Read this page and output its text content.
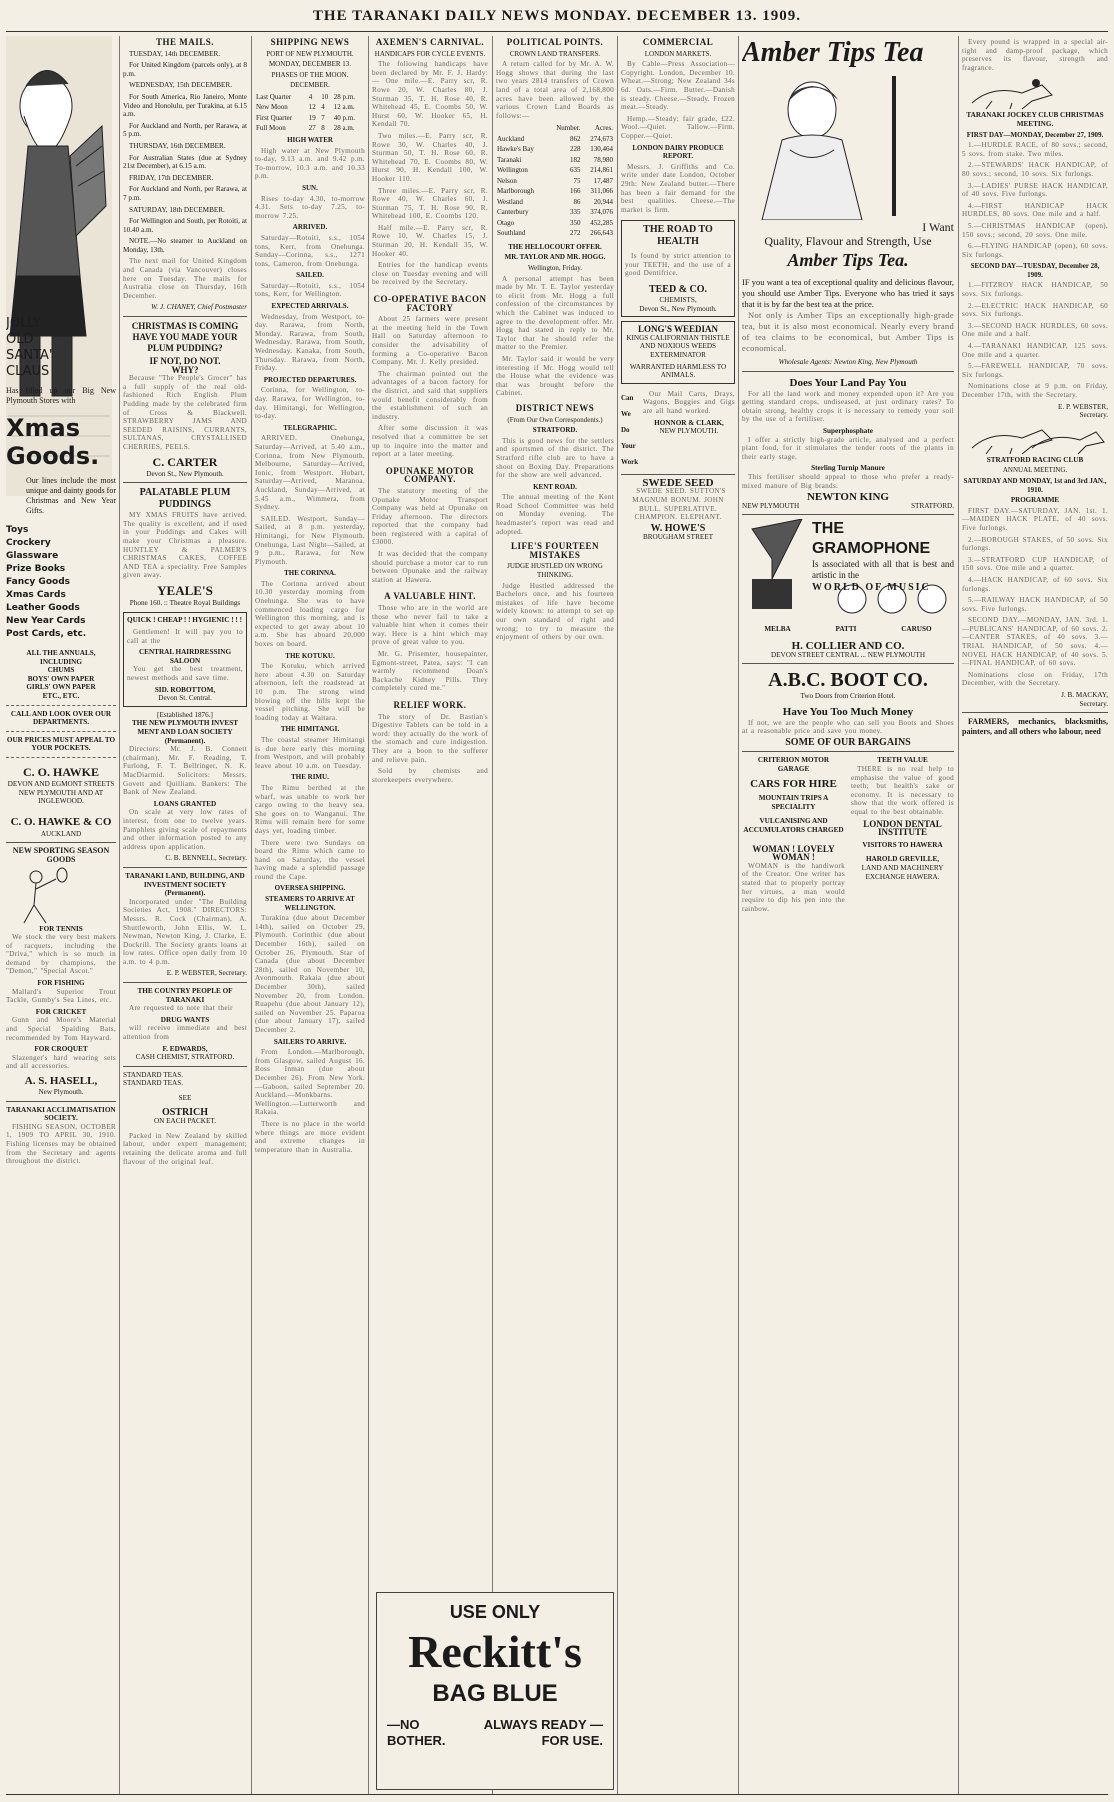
THE TARANAKI DAILY NEWS MONDAY. DECEMBER 13. 1909.
JOLLY
OLD
SANTA'
CLAUS
Has filled up our Big New Plymouth Stores with
Xmas
Goods.
Our lines include the most unique and dainty goods for Christmas and New Year Gifts.
Toys
Crockery
Glassware
Prize Books
Fancy Goods
Xmas Cards
Leather Goods
New Year Cards
Post Cards, etc.
ALL THE ANNUALS, INCLUDING
CHUMS
BOYS' OWN PAPER
GIRLS' OWN PAPER
ETC., ETC.
CALL AND LOOK OVER OUR DEPARTMENTS.
OUR PRICES MUST APPEAL TO YOUR POCKETS.
C. O. HAWKE
DEVON AND EGMONT STREETS NEW PLYMOUTH AND AT INGLEWOOD.
C. O. HAWKE & CO
AUCKLAND
NEW SPORTING SEASON GOODS
FOR TENNIS
We stock the very best makers of racquets, including the "Driva," which is so much in demand by champions, the "Demon," "Special Ascot."
FOR FISHING
Mallard's Superior Trout Tackle, Gumby's Sea Lines, etc.
FOR CRICKET
Gunn and Moore's Material and Special Spalding Bats, recommended by Tom Hayward.
FOR CROQUET
Slazenger's hard wearing sets and all accessories.
A. S. HASELL,
New Plymouth.
TARANAKI ACCLIMATISATION SOCIETY.
FISHING SEASON, OCTOBER 1, 1909 TO APRIL 30, 1910. Fishing licenses may be obtained from the Secretary and agents throughout the district.
THE MAILS.
TUESDAY, 14th DECEMBER.
For United Kingdom (parcels only), at 8 p.m.
WEDNESDAY, 15th DECEMBER.
For South America, Rio Janeiro, Monte Video and Honolulu, per Turakina, at 6.15 a.m.
For Auckland and North, per Rarawa, at 5 p.m.
THURSDAY, 16th DECEMBER.
For Australian States (due at Sydney 21st December), at 6.15 a.m.
FRIDAY, 17th DECEMBER.
For Auckland and North, per Rarawa, at 7 p.m.
SATURDAY, 18th DECEMBER.
For Wellington and South, per Rotoiti, at 10.40 a.m.
NOTE.—No steamer to Auckland on Monday, 13th.
The next mail for United Kingdom and Canada (via Vancouver) closes here on Tuesday. The mails for Australia close on Thursday, 16th December.
W. J. CHANEY, Chief Postmaster
CHRISTMAS IS COMING HAVE YOU MADE YOUR PLUM PUDDING?
IF NOT, DO NOT.
WHY?
Because "The People's Grocer" has a full supply of the real old-fashioned Rich English Plum Pudding made by the celebrated firm of Cross & Blackwell. STRAWBERRY JAMS AND SEEDED RAISINS, CURRANTS, SULTANAS, CRYSTALLISED CHERRIES, PEELS.
C. CARTER
Devon St., New Plymouth.
PALATABLE PLUM PUDDINGS
MY XMAS FRUITS have arrived. The quality is excellent, and if used in your Puddings and Cakes will make your Christmas a pleasure. HUNTLEY & PALMER'S CHRISTMAS CAKES, COFFEE AND TEA a speciality. Free Samples given away.
YEALE'S
Phone 160. :: Theatre Royal Buildings
QUICK ! CHEAP ! ! HYGIENIC ! ! !
Gentlemen! It will pay you to call at the
CENTRAL HAIRDRESSING SALOON
You get the best treatment, newest methods and save time.
SID. ROBOTTOM,
Devon St. Central.
[Established 1876.]
THE NEW PLYMOUTH INVEST MENT AND LOAN SOCIETY (Permanent).
Directors: Mr. J. B. Connett (chairman), Mr. F. Reading, T. Furlong, F. T. Bellringer, N. K. MacDiarmid. Solicitors: Messrs. Govett and Quilliam. Bankers: The Bank of New Zealand.
LOANS GRANTED
On scale at very low rates of interest, from one to twelve years. Pamphlets giving scale of repayments and other information posted to any address upon application.
C. B. BENNELL, Secretary.
TARANAKI LAND, BUILDING, AND INVESTMENT SOCIETY (Permanent).
Incorporated under "The Building Societies Act, 1908." DIRECTORS: Messrs. R. Cock (Chairman), A. Shuttleworth, John Ellis, W. L. Newman, Newton King, J. Clarke, E. Dockrill. The Society grants loans at low rates. Office open daily from 10 a.m. to 4 p.m.
E. P. WEBSTER, Secretary.
THE COUNTRY PEOPLE OF TARANAKI
Are requested to note that their
DRUG WANTS
will receive immediate and best attention from
F. EDWARDS,
CASH CHEMIST, STRATFORD.
STANDARD TEAS.
STANDARD TEAS.
SEE
OSTRICH
ON EACH PACKET.
Packed in New Zealand by skilled labour, under expert management; retaining the delicate aroma and full flavour of the original leaf.
SHIPPING NEWS
PORT OF NEW PLYMOUTH.
MONDAY, DECEMBER 13.
PHASES OF THE MOON.
DECEMBER.
Last Quarter	4	10	28 p.m.
New Moon	12	4	12 a.m.
First Quarter	19	7	40 p.m.
Full Moon	27	8	28 a.m.
HIGH WATER
High water at New Plymouth to-day, 9.13 a.m. and 9.42 p.m. To-morrow, 10.3 a.m. and 10.33 p.m.
SUN.
Rises to-day 4.30, to-morrow 4.31. Sets to-day 7.25, to-morrow 7.25.
ARRIVED.
Saturday—Rotoiti, s.s., 1054 tons, Kerr, from Onehunga. Sunday—Corinna, s.s., 1271 tons, Cameron, from Onehunga.
SAILED.
Saturday—Rotoiti, s.s., 1054 tons, Kerr, for Wellington.
EXPECTED ARRIVALS.
Wednesday, from Westport, to-day. Rarawa, from North, Monday. Rarawa, from South, Wednesday. Rarawa, from South, Wednesday. Kanaka, from South, Thursday. Rarawa, from North, Friday.
PROJECTED DEPARTURES.
Corinna, for Wellington, to-day. Rarawa, for Wellington, to-day. Himitangi, for Wellington, to-day.
TELEGRAPHIC.
ARRIVED. Onehunga, Saturday—Arrived, at 5.40 a.m., Corinna, from New Plymouth. Melbourne, Saturday—Arrived, Ionic, from Westport. Hobart, Saturday—Arrived, Maranoa. Auckland, Sunday—Arrived, at 5.45 a.m., Wimmera, from Sydney.
SAILED. Westport, Sunday—Sailed, at 8 p.m. yesterday, Himitangi, for New Plymouth. Onehunga, Last Night—Sailed, at 9 p.m., Rarawa, for New Plymouth.
THE CORINNA.
The Corinna arrived about 10.30 yesterday morning from Onehunga. She was to have commenced loading cargo for Wellington this morning, and is expected to get away about 10 a.m. She has aboard 20,000 boxes on board.
THE KOTUKU.
The Kotuku, which arrived here about 4.30 on Saturday afternoon, left the roadstead at 10 p.m. The strong wind blowing off the hills kept the vessel pitching. She will be loading today at Waitara.
THE HIMITANGI.
The coastal steamer Himitangi is due here early this morning from Westport, and will probably leave about 10 a.m. on Tuesday.
THE RIMU.
The Rimu berthed at the wharf, was unable to work her cargo owing to the heavy sea. She goes on to Wanganui. The Rimu will remain here for some days yet, loading timber.
There were two Sundays on board the Rimu which came to hand on Saturday, the vessel having made a splendid passage round the Cape.
OVERSEA SHIPPING.
STEAMERS TO ARRIVE AT WELLINGTON.
Turakina (due about December 14th), sailed on October 29, Plymouth. Corinthic (due about December 16th), sailed on October 26, Plymouth. Star of Canada (due about December 28th), sailed on November 10, Avonmouth. Rakaia (due about December 30th), sailed November 20, from London. Ruapehu (due about January 12), sailed on November 25. Paparoa (due about January 17), sailed December 2.
SAILERS TO ARRIVE.
From London.—Marlborough, from Glasgow, sailed August 16. Ross Inman (due about December 26). From New York.—Gaboon, sailed September 20. Auckland.—Monkbarns. Wellington.—Lutterworth and Rakaia.
There is no place in the world where things are more evident and extreme changes in temperature than in Australia.
AXEMEN'S CARNIVAL.
HANDICAPS FOR CYCLE EVENTS.
The following handicaps have been declared by Mr. F. J. Hardy:— One mile.—E. Parry scr, R. Rowe 20, W. Charles 80, J. Sturman 35, T. H. Rose 40, R. Whitehead 45, E. Coombs 50, W. Hurst 60, W. Hooker 65, H. Kendall 70.
Two miles.—E. Parry scr, R. Rowe 30, W. Charles 40, J. Sturman 50, T. H. Rose 60, R. Whitehead 70, E. Coombs 80, W. Hurst 90, H. Kendall 100, W. Hooker 110.
Three miles.—E. Parry scr, R. Rowe 40, W. Charles 60, J. Sturman 75, T. H. Rose 90, R. Whitehead 100, E. Coombs 120.
Half mile.—E. Parry scr, R. Rowe 10, W. Charles 15, J. Sturman 20, H. Kendall 35, W. Hooker 40.
Entries for the handicap events close on Tuesday evening and will be received by the Secretary.
CO-OPERATIVE BACON FACTORY
About 25 farmers were present at the meeting held in the Town Hall on Saturday afternoon to consider the advisability of forming a Co-operative Bacon Company. Mr. J. Kelly presided.
The chairman pointed out the advantages of a bacon factory for the district, and said that suppliers would benefit considerably from the establishment of such an industry.
After some discussion it was resolved that a committee be set up to inquire into the matter and report at a later meeting.
OPUNAKE MOTOR COMPANY.
The statutory meeting of the Opunake Motor Transport Company was held at Opunake on Friday afternoon. The directors reported that the company had been registered with a capital of £3000.
It was decided that the company should purchase a motor car to run between Opunake and the railway station at Hawera.
A VALUABLE HINT.
Those who are in the world are those who never fail to take a valuable hint when it comes their way. Here is a hint which may prove of great value to you.
Mr. G. Prisemter, housepainter, Egmont-street, Patea, says: "I can warmly recommend Doan's Backache Kidney Pills. They completely cured me."
RELIEF WORK.
The story of Dr. Bastian's Digestive Tablets can be told in a word: they actually do the work of the stomach and cure indigestion. They are a boon to the sufferer and relieve pain.
Sold by chemists and storekeepers everywhere.
POLITICAL POINTS.
CROWN LAND TRANSFERS.
A return called for by Mr. A. W. Hogg shows that during the last two years 2814 transfers of Crown land of a total area of 2,168,800 acres have been allowed by the various Crown Land Boards as follows:—
	Number.	Acres.
Auckland	862	274,673
Hawke's Bay	228	130,464
Taranaki	182	78,980
Wellington	635	214,861
Nelson	75	17,487
Marlborough	166	311,066
Westland	86	20,944
Canterbury	335	374,076
Otago	350	452,285
Southland	272	266,643
THE HELLOCOURT OFFER.
MR. TAYLOR AND MR. HOGG.
Wellington, Friday.
A personal attempt has been made by Mr. T. E. Taylor yesterday to elicit from Mr. Hogg a full confession of the circumstances by which the Cabinet was induced to agree to the development offer. Mr. Hogg had stated in reply to Mr. Taylor that he should refer the matter to the Premier.
Mr. Taylor said it would be very interesting if Mr. Hogg would tell the House what the evidence was that was brought before the Cabinet.
DISTRICT NEWS
(From Our Own Correspondents.)
STRATFORD.
This is good news for the settlers and sportsmen of the district. The Stratford rifle club are to have a shoot on Boxing Day. Preparations for the show are well advanced.
KENT ROAD.
The annual meeting of the Kent Road School Committee was held on Monday evening. The headmaster's report was read and adopted.
LIFE'S FOURTEEN MISTAKES
JUDGE HUSTLED ON WRONG THINKING.
Judge Hustled addressed the Bachelors once, and his fourteen mistakes of life have become widely known: to attempt to set up our own standard of right and wrong; to try to measure the enjoyment of others by our own.
COMMERCIAL
LONDON MARKETS.
By Cable—Press Association—Copyright. London, December 10. Wheat.—Strong; New Zealand 34s 6d. Oats.—Firm. Butter.—Danish is steady. Cheese.—Steady. Frozen meat.—Steady.
Hemp.—Steady; fair grade, £22. Wool.—Quiet. Tallow.—Firm. Copper.—Quiet.
LONDON DAIRY PRODUCE REPORT.
Messrs. J. Griffiths and Co. write under date London, October 29th: New Zealand butter.—There has been a fair demand for the best qualities. Cheese.—The market is firm.
THE ROAD TO HEALTH
Is found by strict attention to your TEETH, and the use of a good Dentifrice.
TEED & CO.
CHEMISTS,
Devon St., New Plymouth.
LONG'S WEEDIAN
KINGS CALIFORNIAN THISTLE AND NOXIOUS WEEDS EXTERMINATOR
WARRANTED HARMLESS TO ANIMALS.
Can
We
Do
Your
Work
Our Mail Carts, Drays, Wagons, Buggies and Gigs are all hand worked.
HONNOR & CLARK,
NEW PLYMOUTH.
SWEDE SEED
SWEDE SEED. SUTTON'S MAGNUM BONUM. JOHN BULL. SUPERLATIVE. CHAMPION. ELEPHANT.
W. HOWE'S
BROUGHAM STREET
USE ONLY
Reckitt's
BAG BLUE
—NO BOTHER.
ALWAYS READY —FOR USE.
Amber Tips Tea
I Want
Quality, Flavour and Strength, Use
Amber Tips Tea.
IF you want a tea of exceptional quality and delicious flavour, you should use Amber Tips. Everyone who has tried it says that it is by far the best tea at the price.
Not only is Amber Tips an exceptionally high-grade tea, but it is also most economical. Nearly every brand of tea claims to be economical, but Amber Tips is economical.
Wholesale Agents: Newton King, New Plymouth
Does Your Land Pay You
For all the land work and money expended upon it? Are you getting standard crops, undiseased, at just ordinary rates? To obtain strong, healthy crops it is necessary to remedy your soil by the use of a fertiliser.
Superphosphate
I offer a strictly high-grade article, analysed and a perfect plant food, for it stimulates the tender roots of the plants in their early stage.
Sterling Turnip Manure
This fertiliser should appeal to those who prefer a ready-mixed manure of Big brands.
NEWTON KING
NEW PLYMOUTH	STRATFORD.
THE GRAMOPHONE
Is associated with all that is best and artistic in the
WORLD OF MUSIC
MELBA	PATTI	CARUSO
H. COLLIER AND CO.
DEVON STREET CENTRAL ... NEW PLYMOUTH
A.B.C. BOOT CO.
Two Doors from Criterion Hotel.
Have You Too Much Money
If not, we are the people who can sell you Boots and Shoes at a reasonable price and save you money.
SOME OF OUR BARGAINS
CRITERION MOTOR GARAGE
CARS FOR HIRE
MOUNTAIN TRIPS A SPECIALITY
VULCANISING AND ACCUMULATORS CHARGED
WOMAN ! LOVELY WOMAN !
WOMAN is the handiwork of the Creator. One writer has stated that to properly portray her virtues, a man would require to dip his pen into the rainbow.
TEETH VALUE
THERE is no real help to emphasise the value of good teeth; but health's sake or economy. It is necessary to show that the work offered is equal to the best obtainable.
LONDON DENTAL INSTITUTE
VISITORS TO HAWERA
HAROLD GREVILLE,
LAND AND MACHINERY EXCHANGE HAWERA.
Every pound is wrapped in a special air-tight and damp-proof package, which preserves its flavour, strength and fragrance.
TARANAKI JOCKEY CLUB CHRISTMAS MEETING.
FIRST DAY—MONDAY, December 27, 1909.
1.—HURDLE RACE, of 80 sovs.; second, 5 sovs. from stake. Two miles.
2.—STEWARDS' HACK HANDICAP, of 80 sovs.; second, 10 sovs. Six furlongs.
3.—LADIES' PURSE HACK HANDICAP, of 40 sovs. Five furlongs.
4.—FIRST HANDICAP HACK HURDLES, 80 sovs. One mile and a half.
5.—CHRISTMAS HANDICAP (open), 150 sovs.; second, 20 sovs. One mile.
6.—FLYING HANDICAP (open), 60 sovs. Six furlongs.
SECOND DAY—TUESDAY, December 28, 1909.
1.—FITZROY HACK HANDICAP, 50 sovs. Six furlongs.
2.—ELECTRIC HACK HANDICAP, 60 sovs. Six furlongs.
3.—SECOND HACK HURDLES, 60 sovs. One mile and a half.
4.—TARANAKI HANDICAP, 125 sovs. One mile and a quarter.
5.—FAREWELL HANDICAP, 70 sovs. Six furlongs.
Nominations close at 9 p.m. on Friday, December 17th, with the Secretary.
E. P. WEBSTER,
Secretary.
STRATFORD RACING CLUB
ANNUAL MEETING.
SATURDAY AND MONDAY, 1st and 3rd JAN., 1910.
PROGRAMME
FIRST DAY.—SATURDAY, JAN. 1st. 1.—MAIDEN HACK PLATE, of 40 sovs. Five furlongs.
2.—BOROUGH STAKES, of 50 sovs. Six furlongs.
3.—STRATFORD CUP HANDICAP, of 150 sovs. One mile and a quarter.
4.—HACK HANDICAP, of 60 sovs. Six furlongs.
5.—RAILWAY HACK HANDICAP, of 50 sovs. Five furlongs.
SECOND DAY.—MONDAY, JAN. 3rd. 1.—PUBLICANS' HANDICAP, of 60 sovs. 2.—CANTER STAKES, of 40 sovs. 3.—TRIAL HANDICAP, of 50 sovs. 4.—NOVEL HACK HANDICAP, of 40 sovs. 5.—FINAL HANDICAP, of 60 sovs.
Nominations close on Friday, 17th December, with the Secretary.
J. B. MACKAY,
Secretary.
FARMERS, mechanics, blacksmiths, painters, and all others who labour, need
